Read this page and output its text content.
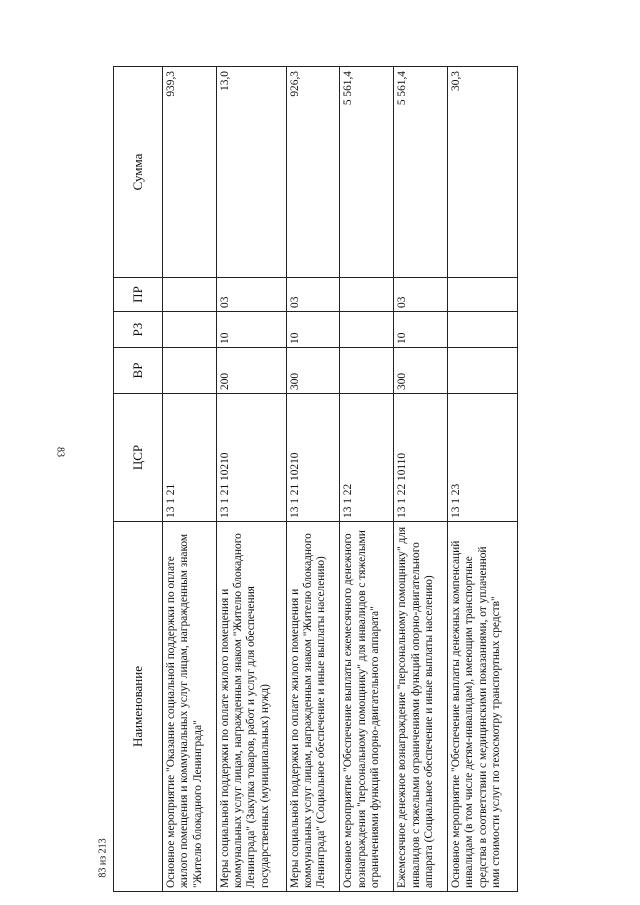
83
Наименование	ЦСР	ВР	РЗ	ПР	Сумма
Основное мероприятие "Оказание социальной поддержки по оплате жилого помещения и коммунальных услуг лицам, награжденным знаком "Жителю блокадного Ленинграда"	13 1 21				939,3
Меры социальной поддержки по оплате жилого помещения и коммунальных услуг лицам, награжденным знаком "Жителю блокадного Ленинграда" (Закупка товаров, работ и услуг для обеспечения государственных (муниципальных) нужд)	13 1 21 10210	200	10	03	13,0
Меры социальной поддержки по оплате жилого помещения и коммунальных услуг лицам, награжденным знаком "Жителю блокадного Ленинграда" (Социальное обеспечение и иные выплаты населению)	13 1 21 10210	300	10	03	926,3
Основное мероприятие "Обеспечение выплаты ежемесячного денежного вознаграждения "персональному помощнику" для инвалидов с тяжелыми ограничениями функций опорно-двигательного аппарата"	13 1 22				5 561,4
Ежемесячное денежное вознаграждение "персональному помощнику" для инвалидов с тяжелыми ограничениями функций опорно-двигательного аппарата (Социальное обеспечение и иные выплаты населению)	13 1 22 10110	300	10	03	5 561,4
Основное мероприятие "Обеспечение выплаты денежных компенсаций инвалидам (в том числе детям-инвалидам), имеющим транспортные средства в соответствии с медицинскими показаниями, от уплаченной ими стоимости услуг по техосмотру транспортных средств"	13 1 23				30,3
83 из 213
